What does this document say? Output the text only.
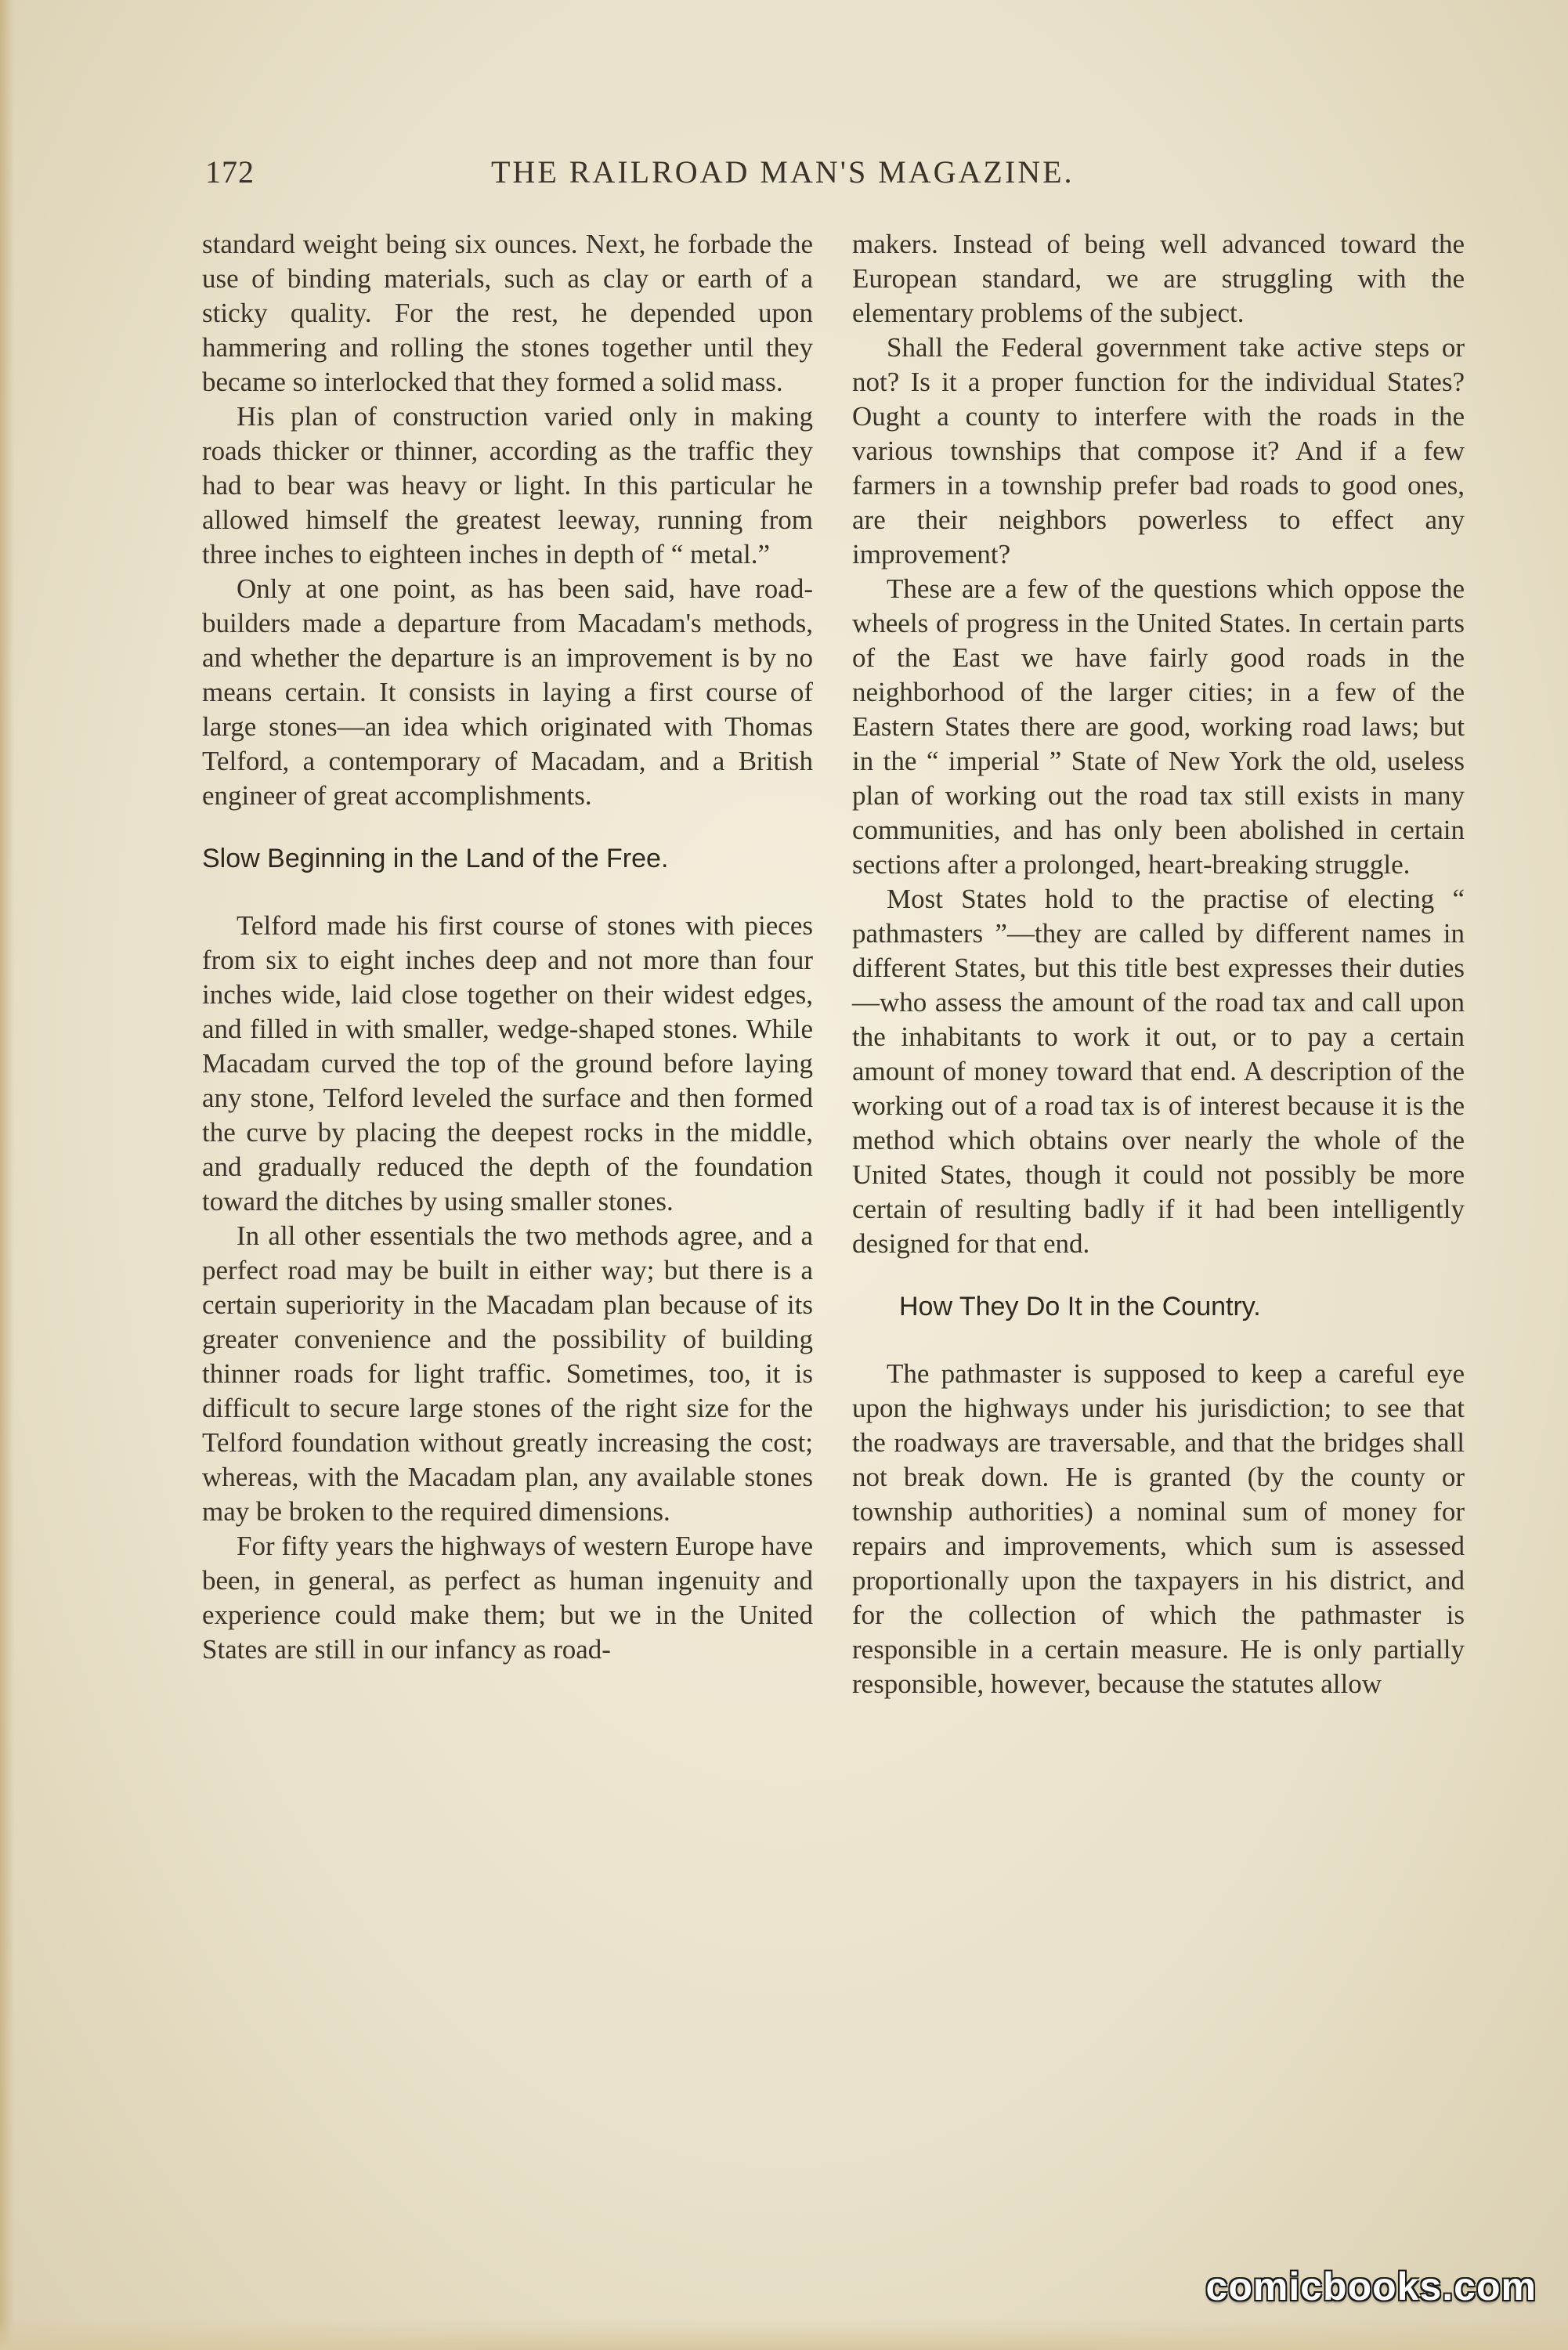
172	THE RAILROAD MAN'S MAGAZINE.

standard weight being six ounces. Next, he forbade the use of binding materials, such as clay or earth of a sticky quality. For the rest, he depended upon hammering and rolling the stones together until they became so interlocked that they formed a solid mass.

His plan of construction varied only in making roads thicker or thinner, according as the traffic they had to bear was heavy or light. In this particular he allowed himself the greatest leeway, running from three inches to eighteen inches in depth of “ metal.”

Only at one point, as has been said, have road-builders made a departure from Macadam's methods, and whether the departure is an improvement is by no means certain. It consists in laying a first course of large stones—an idea which originated with Thomas Telford, a contemporary of Macadam, and a British engineer of great accomplishments.

Slow Beginning in the Land of the Free.

Telford made his first course of stones with pieces from six to eight inches deep and not more than four inches wide, laid close together on their widest edges, and filled in with smaller, wedge-shaped stones. While Macadam curved the top of the ground before laying any stone, Telford leveled the surface and then formed the curve by placing the deepest rocks in the middle, and gradually reduced the depth of the foundation toward the ditches by using smaller stones.

In all other essentials the two methods agree, and a perfect road may be built in either way; but there is a certain superiority in the Macadam plan because of its greater convenience and the possibility of building thinner roads for light traffic. Sometimes, too, it is difficult to secure large stones of the right size for the Telford foundation without greatly increasing the cost; whereas, with the Macadam plan, any available stones may be broken to the required dimensions.

For fifty years the highways of western Europe have been, in general, as perfect as human ingenuity and experience could make them; but we in the United States are still in our infancy as road-

makers. Instead of being well advanced toward the European standard, we are struggling with the elementary problems of the subject.

Shall the Federal government take active steps or not? Is it a proper function for the individual States? Ought a county to interfere with the roads in the various townships that compose it? And if a few farmers in a township prefer bad roads to good ones, are their neighbors powerless to effect any improvement?

These are a few of the questions which oppose the wheels of progress in the United States. In certain parts of the East we have fairly good roads in the neighborhood of the larger cities; in a few of the Eastern States there are good, working road laws; but in the “ imperial ” State of New York the old, useless plan of working out the road tax still exists in many communities, and has only been abolished in certain sections after a prolonged, heart-breaking struggle.

Most States hold to the practise of electing “ pathmasters ”—they are called by different names in different States, but this title best expresses their duties—who assess the amount of the road tax and call upon the inhabitants to work it out, or to pay a certain amount of money toward that end. A description of the working out of a road tax is of interest because it is the method which obtains over nearly the whole of the United States, though it could not possibly be more certain of resulting badly if it had been intelligently designed for that end.

How They Do It in the Country.

The pathmaster is supposed to keep a careful eye upon the highways under his jurisdiction; to see that the roadways are traversable, and that the bridges shall not break down. He is granted (by the county or township authorities) a nominal sum of money for repairs and improvements, which sum is assessed proportionally upon the taxpayers in his district, and for the collection of which the pathmaster is responsible in a certain measure. He is only partially responsible, however, because the statutes allow

comicbooks.com
